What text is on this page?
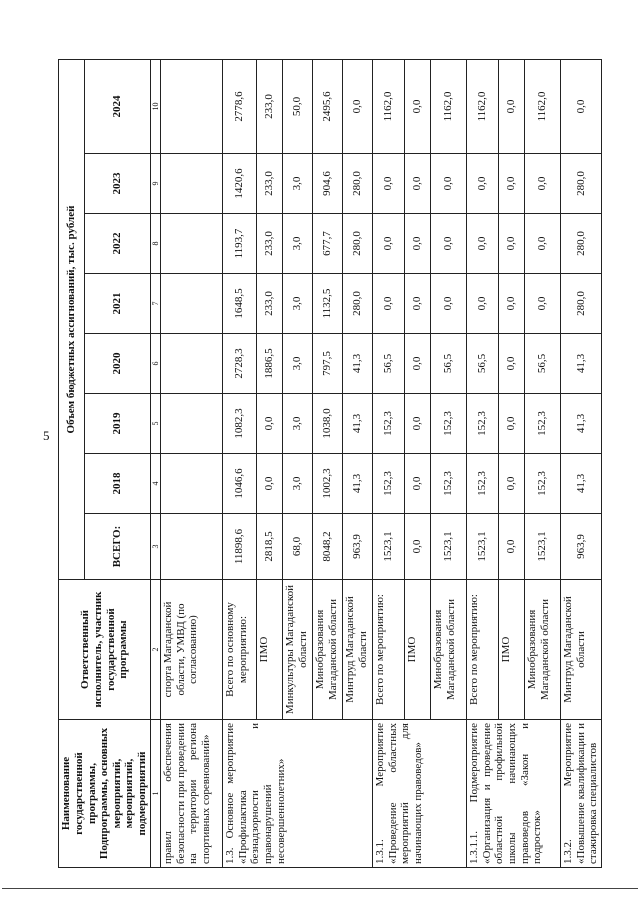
5
Наименование государственной программы, Подпрограммы, основных мероприятий, мероприятий, подмероприятий	Ответственный исполнитель, участник государственной программы	Объем бюджетных ассигнований, тыс. рублей							
		ВСЕГО:	2018	2019	2020	2021	2022	2023	2024
1	2	3	4	5	6	7	8	9	10
правил обеспечения безопасности при проведении на территории региона спортивных соревнований»	спорта Магаданской области, УМВД (по согласованию)								
1.3. Основное мероприятие «Профилактика безнадзорности и правонарушений несовершеннолетних»	Всего по основному мероприятию:	11898,6	1046,6	1082,3	2728,3	1648,5	1193,7	1420,6	2778,6
	ПМО	2818,5	0,0	0,0	1886,5	233,0	233,0	233,0	233,0
	Минкультуры Магаданской области	68,0	3,0	3,0	3,0	3,0	3,0	3,0	50,0
	Минобразования Магаданской области	8048,2	1002,3	1038,0	797,5	1132,5	677,7	904,6	2495,6
	Минтруд Магаданской области	963,9	41,3	41,3	41,3	280,0	280,0	280,0	0,0
1.3.1. Мероприятие «Проведение областных мероприятий для начинающих правоведов»	Всего по мероприятию:	1523,1	152,3	152,3	56,5	0,0	0,0	0,0	1162,0
	ПМО	0,0	0,0	0,0	0,0	0,0	0,0	0,0	0,0
	Минобразования Магаданской области	1523,1	152,3	152,3	56,5	0,0	0,0	0,0	1162,0
1.3.1.1. Подмероприятие «Организация и проведение областной профильной школы начинающих правоведов «Закон и подросток»	Всего по мероприятию:	1523,1	152,3	152,3	56,5	0,0	0,0	0,0	1162,0
	ПМО	0,0	0,0	0,0	0,0	0,0	0,0	0,0	0,0
	Минобразования Магаданской области	1523,1	152,3	152,3	56,5	0,0	0,0	0,0	1162,0
1.3.2. Мероприятие «Повышение квалификации и стажировка специалистов	Минтруд Магаданской области	963,9	41,3	41,3	41,3	280,0	280,0	280,0	0,0
